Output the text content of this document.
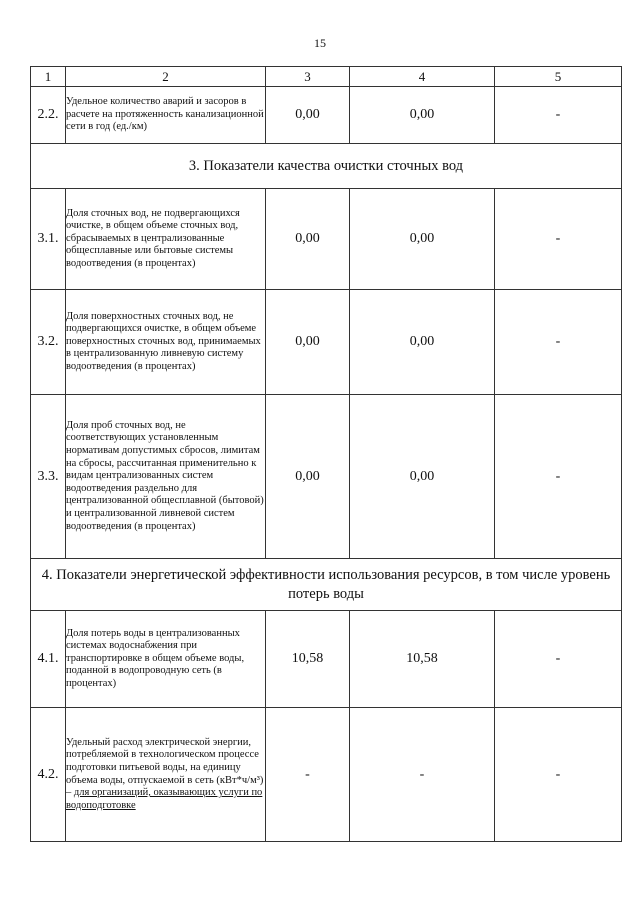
15
1	2	3	4	5
2.2.	Удельное количество аварий и засоров в расчете на протяженность канализационной сети в год (ед./км)	0,00	0,00	-
3. Показатели качества очистки сточных вод				
3.1.	Доля сточных вод, не подвергающихся очистке, в общем объеме сточных вод, сбрасываемых в централизованные общесплавные или бытовые системы водоотведения (в процентах)	0,00	0,00	-
3.2.	Доля поверхностных сточных вод, не подвергающихся очистке, в общем объеме поверхностных сточных вод, принимаемых в централизованную ливневую систему водоотведения (в процентах)	0,00	0,00	-
3.3.	Доля проб сточных вод, не соответствующих установленным нормативам допустимых сбросов, лимитам на сбросы, рассчитанная применительно к видам централизованных систем водоотведения раздельно для централизованной общесплавной (бытовой) и централизованной ливневой систем водоотведения (в процентах)	0,00	0,00	-
4. Показатели энергетической эффективности использования ресурсов, в том числе уровень потерь воды				
4.1.	Доля потерь воды в централизованных системах водоснабжения при транспортировке в общем объеме воды, поданной в водопроводную сеть (в процентах)	10,58	10,58	-
4.2.	Удельный расход электрической энергии, потребляемой в технологическом процессе подготовки питьевой воды, на единицу объема воды, отпускаемой в сеть (кВт*ч/м³) – для организаций, оказывающих услуги по водоподготовке	-	-	-
